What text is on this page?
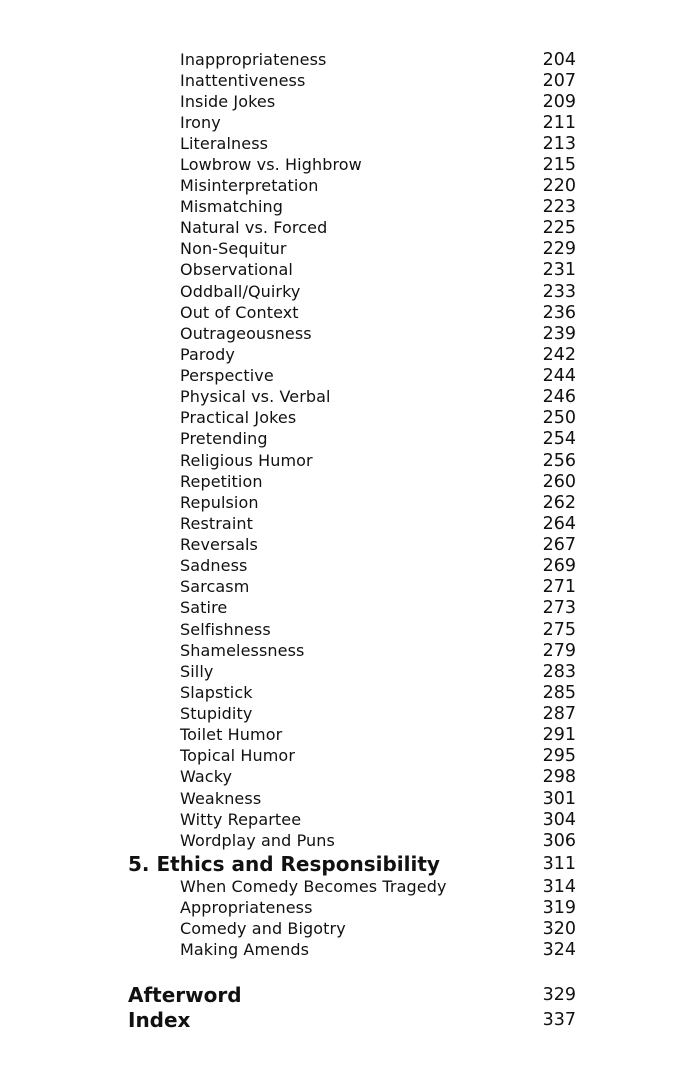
Inappropriateness	204
Inattentiveness	207
Inside Jokes	209
Irony	211
Literalness	213
Lowbrow vs. Highbrow	215
Misinterpretation	220
Mismatching	223
Natural vs. Forced	225
Non-Sequitur	229
Observational	231
Oddball/Quirky	233
Out of Context	236
Outrageousness	239
Parody	242
Perspective	244
Physical vs. Verbal	246
Practical Jokes	250
Pretending	254
Religious Humor	256
Repetition	260
Repulsion	262
Restraint	264
Reversals	267
Sadness	269
Sarcasm	271
Satire	273
Selfishness	275
Shamelessness	279
Silly	283
Slapstick	285
Stupidity	287
Toilet Humor	291
Topical Humor	295
Wacky	298
Weakness	301
Witty Repartee	304
Wordplay and Puns	306
5. Ethics and Responsibility	311
When Comedy Becomes Tragedy	314
Appropriateness	319
Comedy and Bigotry	320
Making Amends	324
Afterword	329
Index	337
